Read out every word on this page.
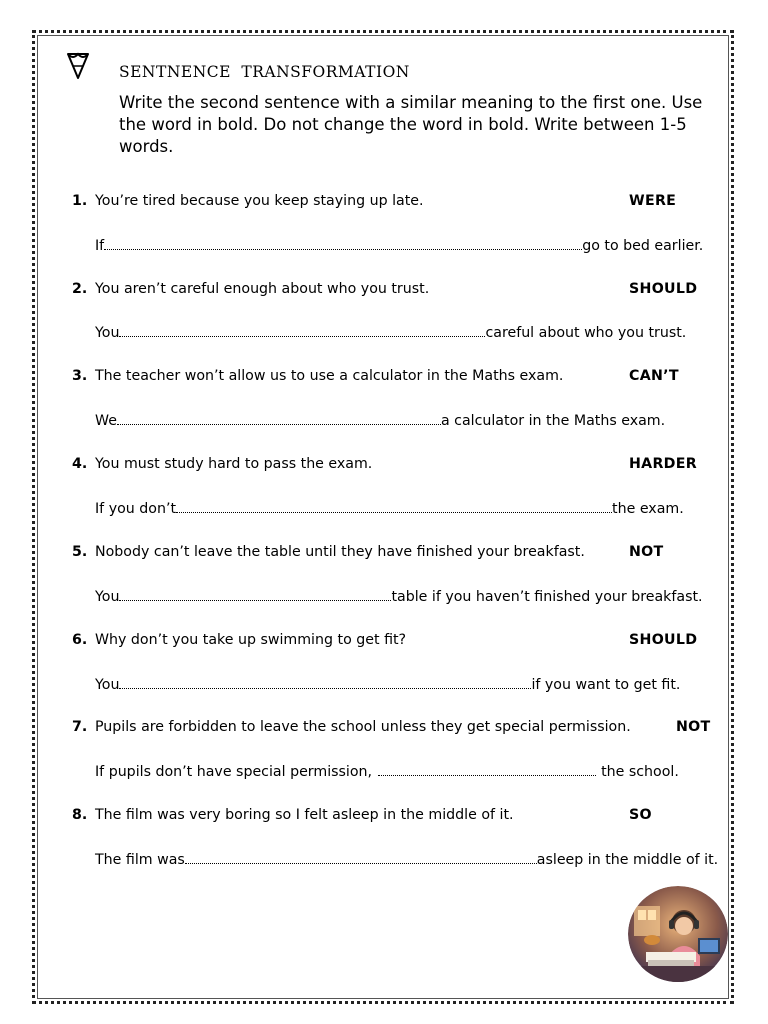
SENTNENCE TRANSFORMATION
Write the second sentence with a similar meaning to the first one. Use the word in bold. Do not change the word in bold. Write between 1-5 words.
1. You’re tired because you keep staying up late.	WERE
If	go to bed earlier.
2. You aren’t careful enough about who you trust.	SHOULD
You	careful about who you trust.
3. The teacher won’t allow us to use a calculator in the Maths exam.	CAN’T
We	a calculator in the Maths exam.
4. You must study hard to pass the exam.	HARDER
If you don’t	the exam.
5. Nobody can’t leave the table until they have finished your breakfast.	NOT
You	table if you haven’t finished your breakfast.
6. Why don’t you take up swimming to get fit?	SHOULD
You	if you want to get fit.
7. Pupils are forbidden to leave the school unless they get special permission.	NOT
If pupils don’t have special permission,	the school.
8. The film was very boring so I felt asleep in the middle of it.	SO
The film was	asleep in the middle of it.
